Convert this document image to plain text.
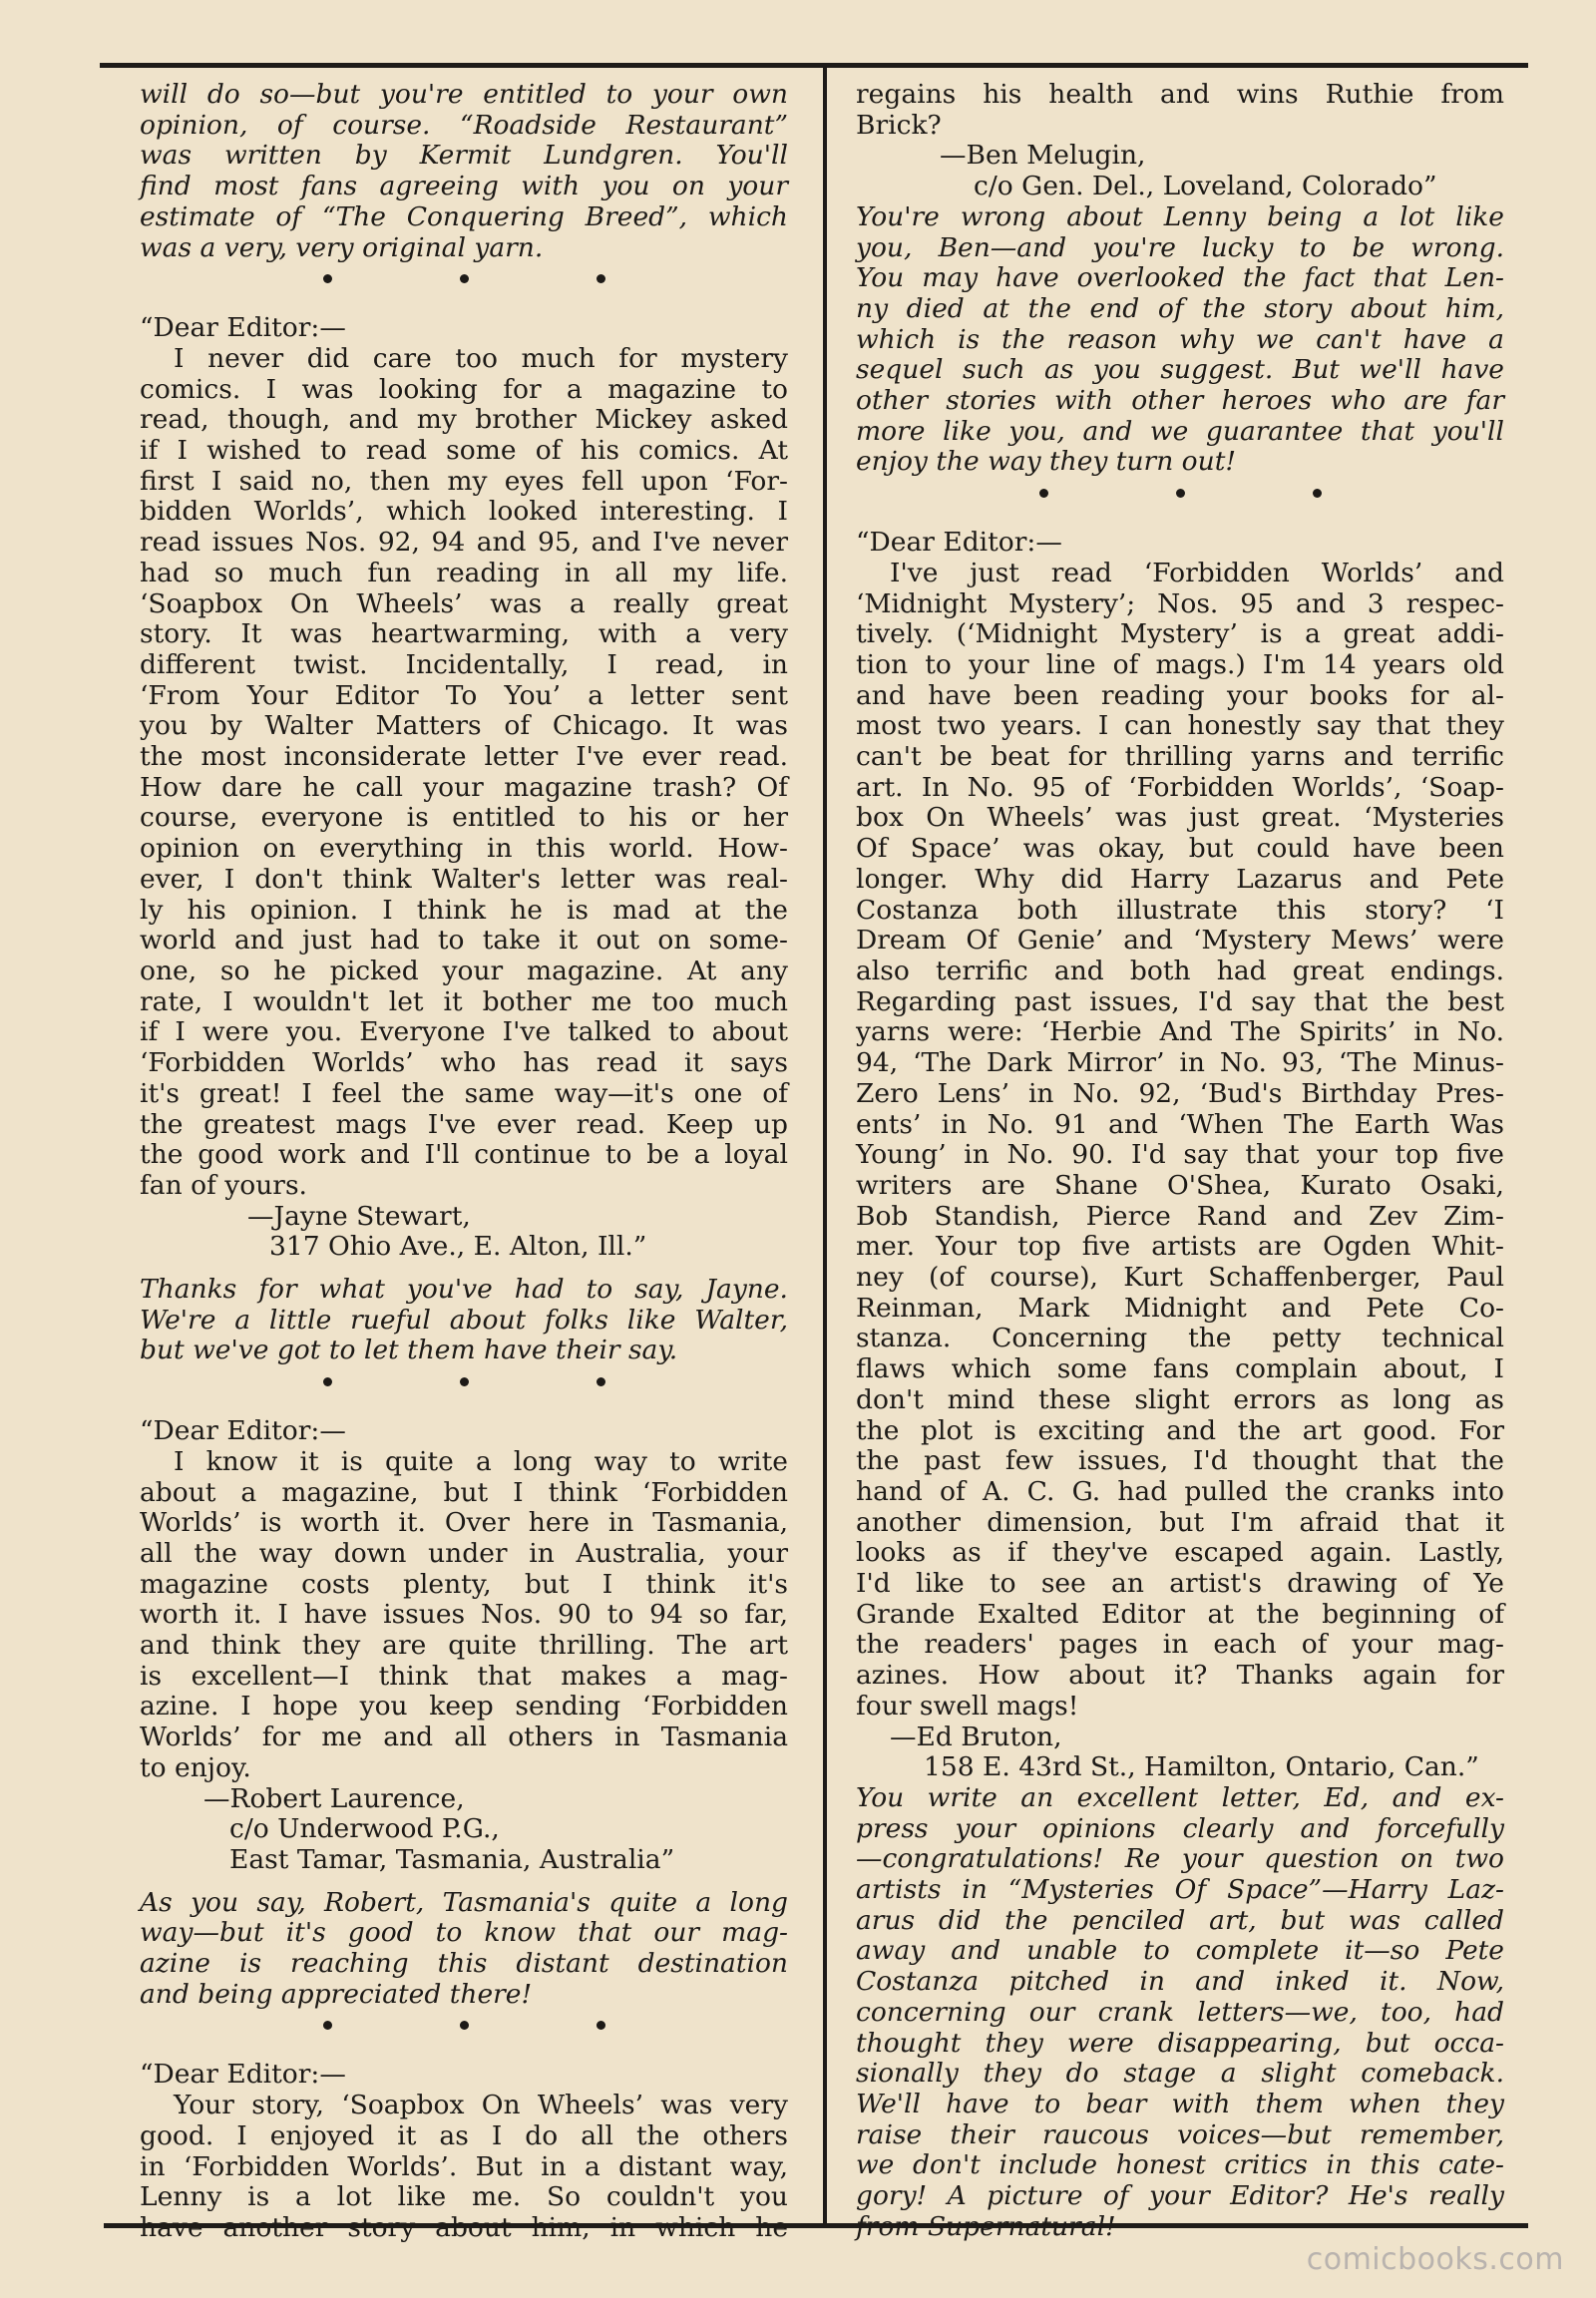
will do so—but you're entitled to your own

opinion, of course. “Roadside Restaurant”

was written by Kermit Lundgren. You'll

find most fans agreeing with you on your

estimate of “The Conquering Breed”, which

was a very, very original yarn.

“Dear Editor:—

I never did care too much for mystery

comics. I was looking for a magazine to

read, though, and my brother Mickey asked

if I wished to read some of his comics. At

first I said no, then my eyes fell upon ‘For-

bidden Worlds’, which looked interesting. I

read issues Nos. 92, 94 and 95, and I've never

had so much fun reading in all my life.

‘Soapbox On Wheels’ was a really great

story. It was heartwarming, with a very

different twist. Incidentally, I read, in

‘From Your Editor To You’ a letter sent

you by Walter Matters of Chicago. It was

the most inconsiderate letter I've ever read.

How dare he call your magazine trash? Of

course, everyone is entitled to his or her

opinion on everything in this world. How-

ever, I don't think Walter's letter was real-

ly his opinion. I think he is mad at the

world and just had to take it out on some-

one, so he picked your magazine. At any

rate, I wouldn't let it bother me too much

if I were you. Everyone I've talked to about

‘Forbidden Worlds’ who has read it says

it's great! I feel the same way—it's one of

the greatest mags I've ever read. Keep up

the good work and I'll continue to be a loyal

fan of yours.

—Jayne Stewart,

317 Ohio Ave., E. Alton, Ill.”

Thanks for what you've had to say, Jayne.

We're a little rueful about folks like Walter,

but we've got to let them have their say.

“Dear Editor:—

I know it is quite a long way to write

about a magazine, but I think ‘Forbidden

Worlds’ is worth it. Over here in Tasmania,

all the way down under in Australia, your

magazine costs plenty, but I think it's

worth it. I have issues Nos. 90 to 94 so far,

and think they are quite thrilling. The art

is excellent—I think that makes a mag-

azine. I hope you keep sending ‘Forbidden

Worlds’ for me and all others in Tasmania

to enjoy.

—Robert Laurence,

c/o Underwood P.G.,

East Tamar, Tasmania, Australia”

As you say, Robert, Tasmania's quite a long

way—but it's good to know that our mag-

azine is reaching this distant destination

and being appreciated there!

“Dear Editor:—

Your story, ‘Soapbox On Wheels’ was very

good. I enjoyed it as I do all the others

in ‘Forbidden Worlds’. But in a distant way,

Lenny is a lot like me. So couldn't you

have another story about him, in which he

regains his health and wins Ruthie from

Brick?

—Ben Melugin,

c/o Gen. Del., Loveland, Colorado”

You're wrong about Lenny being a lot like

you, Ben—and you're lucky to be wrong.

You may have overlooked the fact that Len-

ny died at the end of the story about him,

which is the reason why we can't have a

sequel such as you suggest. But we'll have

other stories with other heroes who are far

more like you, and we guarantee that you'll

enjoy the way they turn out!

“Dear Editor:—

I've just read ‘Forbidden Worlds’ and

‘Midnight Mystery’; Nos. 95 and 3 respec-

tively. (‘Midnight Mystery’ is a great addi-

tion to your line of mags.) I'm 14 years old

and have been reading your books for al-

most two years. I can honestly say that they

can't be beat for thrilling yarns and terrific

art. In No. 95 of ‘Forbidden Worlds’, ‘Soap-

box On Wheels’ was just great. ‘Mysteries

Of Space’ was okay, but could have been

longer. Why did Harry Lazarus and Pete

Costanza both illustrate this story? ‘I

Dream Of Genie’ and ‘Mystery Mews’ were

also terrific and both had great endings.

Regarding past issues, I'd say that the best

yarns were: ‘Herbie And The Spirits’ in No.

94, ‘The Dark Mirror’ in No. 93, ‘The Minus-

Zero Lens’ in No. 92, ‘Bud's Birthday Pres-

ents’ in No. 91 and ‘When The Earth Was

Young’ in No. 90. I'd say that your top five

writers are Shane O'Shea, Kurato Osaki,

Bob Standish, Pierce Rand and Zev Zim-

mer. Your top five artists are Ogden Whit-

ney (of course), Kurt Schaffenberger, Paul

Reinman, Mark Midnight and Pete Co-

stanza. Concerning the petty technical

flaws which some fans complain about, I

don't mind these slight errors as long as

the plot is exciting and the art good. For

the past few issues, I'd thought that the

hand of A. C. G. had pulled the cranks into

another dimension, but I'm afraid that it

looks as if they've escaped again. Lastly,

I'd like to see an artist's drawing of Ye

Grande Exalted Editor at the beginning of

the readers' pages in each of your mag-

azines. How about it? Thanks again for

four swell mags!

—Ed Bruton,

158 E. 43rd St., Hamilton, Ontario, Can.”

You write an excellent letter, Ed, and ex-

press your opinions clearly and forcefully

—congratulations! Re your question on two

artists in “Mysteries Of Space”—Harry Laz-

arus did the penciled art, but was called

away and unable to complete it—so Pete

Costanza pitched in and inked it. Now,

concerning our crank letters—we, too, had

thought they were disappearing, but occa-

sionally they do stage a slight comeback.

We'll have to bear with them when they

raise their raucous voices—but remember,

we don't include honest critics in this cate-

gory! A picture of your Editor? He's really

from Supernatural!

comicbooks.com
